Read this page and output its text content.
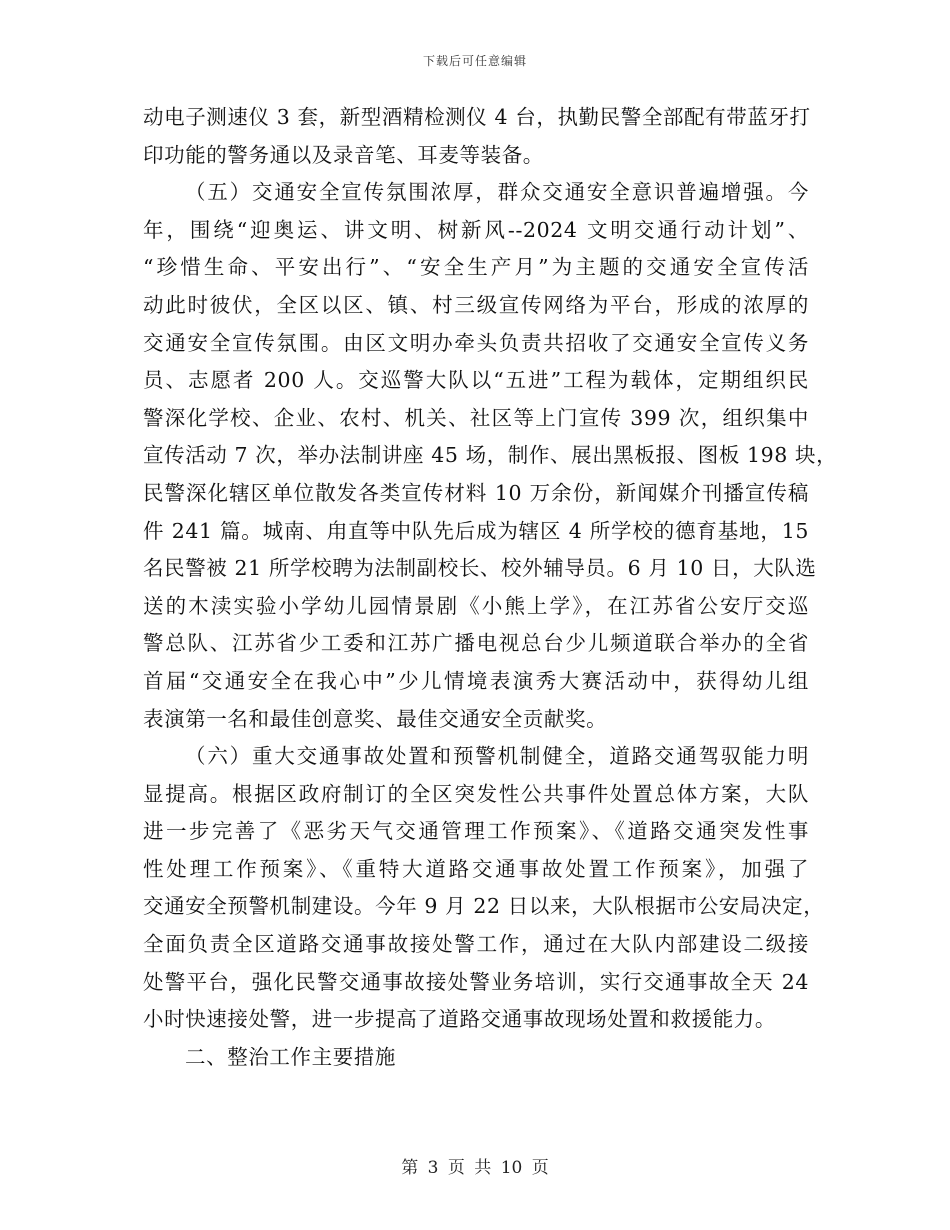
下载后可任意编辑
动电子测速仪 3 套，新型酒精检测仪 4 台，执勤民警全部配有带蓝牙打
印功能的警务通以及录音笔、耳麦等装备。
（五）交通安全宣传氛围浓厚，群众交通安全意识普遍增强。今
年，围绕“迎奥运、讲文明、树新风--2024 文明交通行动计划”、
“珍惜生命、平安出行”、“安全生产月”为主题的交通安全宣传活
动此时彼伏，全区以区、镇、村三级宣传网络为平台，形成的浓厚的
交通安全宣传氛围。由区文明办牵头负责共招收了交通安全宣传义务
员、志愿者 200 人。交巡警大队以“五进”工程为载体，定期组织民
警深化学校、企业、农村、机关、社区等上门宣传 399 次，组织集中
宣传活动 7 次，举办法制讲座 45 场，制作、展出黑板报、图板 198 块，
民警深化辖区单位散发各类宣传材料 10 万余份，新闻媒介刊播宣传稿
件 241 篇。城南、甪直等中队先后成为辖区 4 所学校的德育基地，15
名民警被 21 所学校聘为法制副校长、校外辅导员。6 月 10 日，大队选
送的木渎实验小学幼儿园情景剧《小熊上学》，在江苏省公安厅交巡
警总队、江苏省少工委和江苏广播电视总台少儿频道联合举办的全省
首届“交通安全在我心中”少儿情境表演秀大赛活动中，获得幼儿组
表演第一名和最佳创意奖、最佳交通安全贡献奖。
（六）重大交通事故处置和预警机制健全，道路交通驾驭能力明
显提高。根据区政府制订的全区突发性公共事件处置总体方案，大队
进一步完善了《恶劣天气交通管理工作预案》、《道路交通突发性事
性处理工作预案》、《重特大道路交通事故处置工作预案》，加强了
交通安全预警机制建设。今年 9 月 22 日以来，大队根据市公安局决定，
全面负责全区道路交通事故接处警工作，通过在大队内部建设二级接
处警平台，强化民警交通事故接处警业务培训，实行交通事故全天 24
小时快速接处警，进一步提高了道路交通事故现场处置和救援能力。
二、整治工作主要措施
第 3 页 共 10 页
